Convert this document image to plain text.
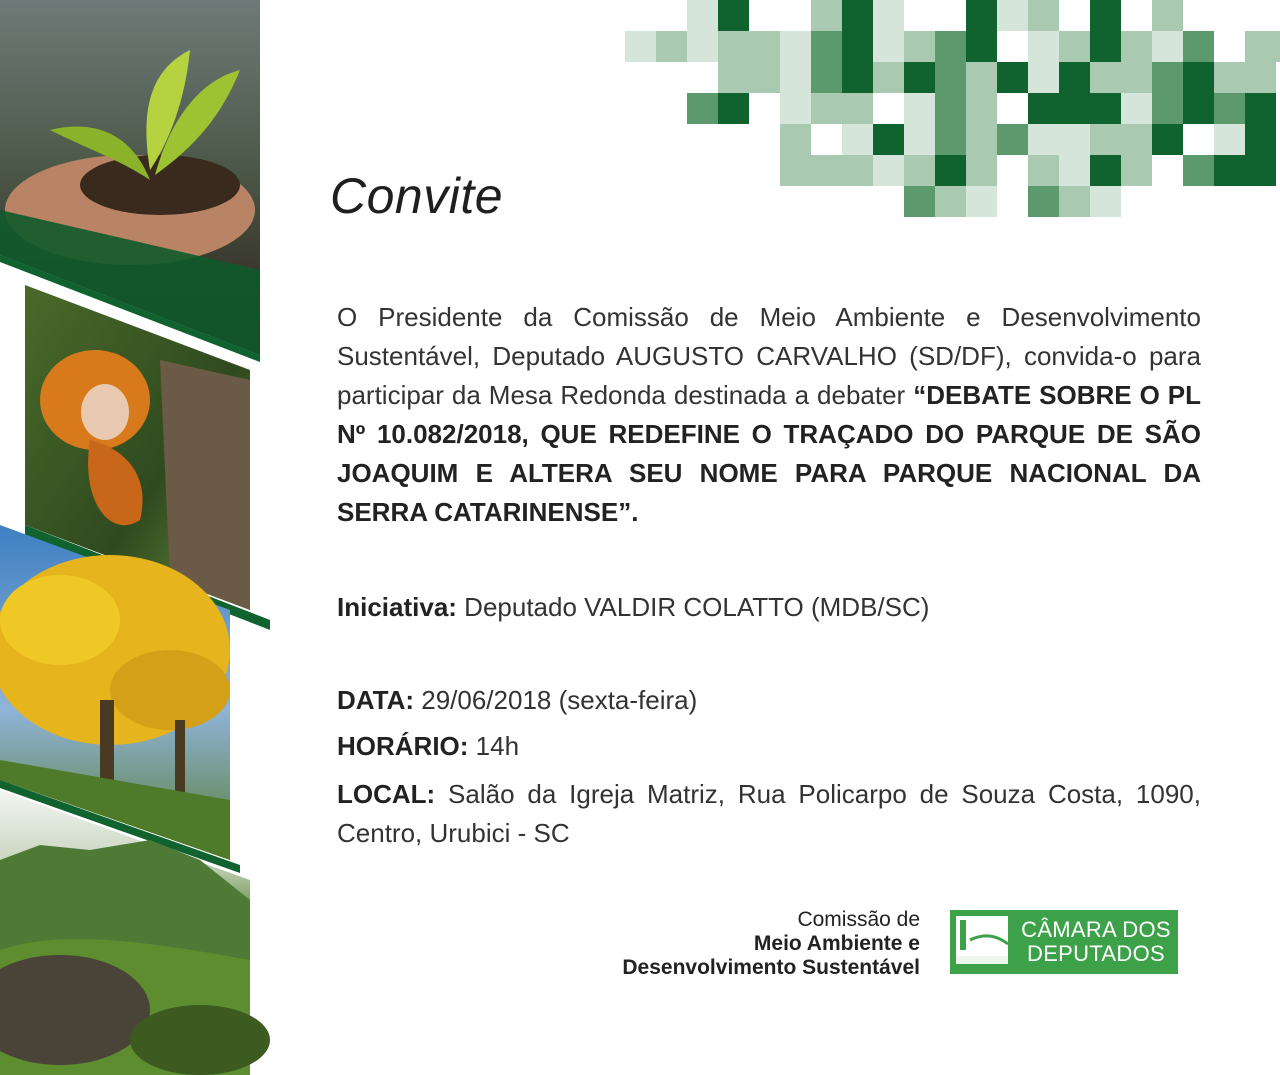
Convite
O Presidente da Comissão de Meio Ambiente e Desenvolvimento Sustentável, Deputado AUGUSTO CARVALHO (SD/DF), convida-o para participar da Mesa Redonda destinada a debater “DEBATE SOBRE O PL Nº 10.082/2018, QUE REDEFINE O TRAÇADO DO PARQUE DE SÃO JOAQUIM E ALTERA SEU NOME PARA PARQUE NACIONAL DA SERRA CATARINENSE”.
Iniciativa: Deputado VALDIR COLATTO (MDB/SC)
DATA: 29/06/2018 (sexta-feira)
HORÁRIO: 14h
LOCAL: Salão da Igreja Matriz, Rua Policarpo de Souza Costa, 1090, Centro, Urubici - SC
Comissão de
Meio Ambiente e
Desenvolvimento Sustentável
CÂMARA DOS
DEPUTADOS
